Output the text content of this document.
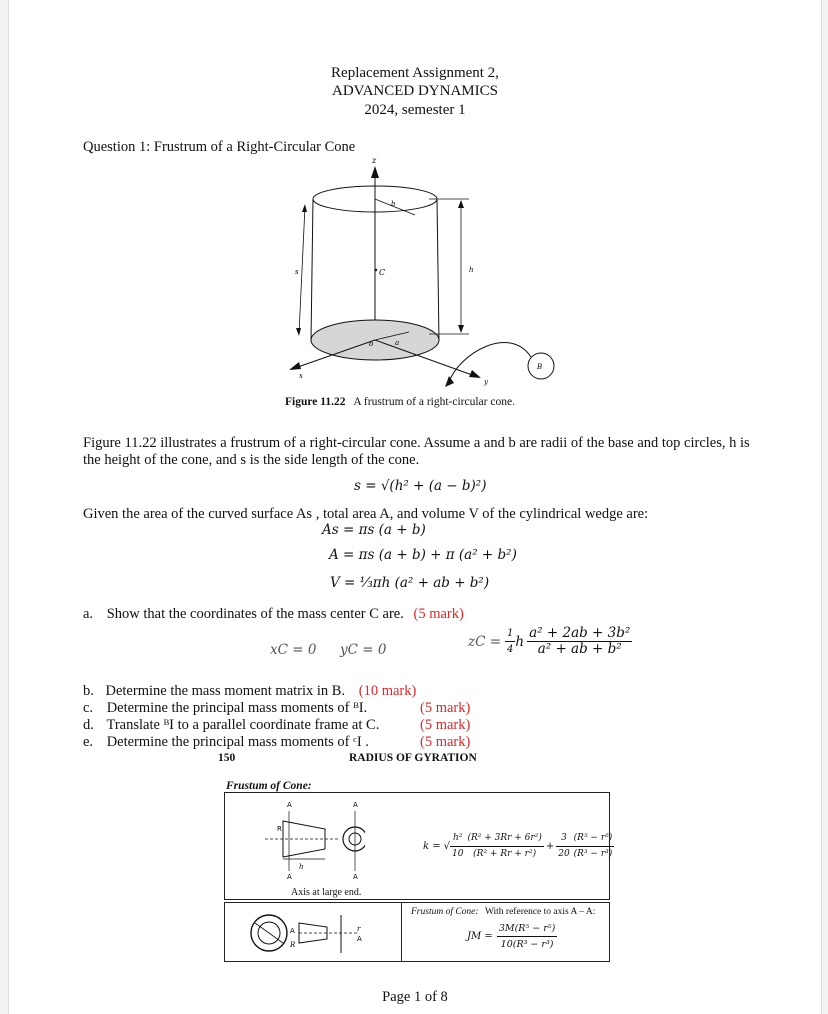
Replacement Assignment 2,
ADVANCED DYNAMICS
2024, semester 1
Question 1: Frustrum of a Right-Circular Cone
z
b
C
s	h
o	a
x
y
B
Figure 11.22 A frustrum of a right-circular cone.
Figure 11.22 illustrates a frustrum of a right-circular cone. Assume a and b are radii of the base and top circles, h is the height of the cone, and s is the side length of the cone.
s = √(h² + (a − b)²)
Given the area of the curved surface As , total area A, and volume V of the cylindrical wedge are:
As = πs (a + b)
A = πs (a + b) + π (a² + b²)
V = ⅓πh (a² + ab + b²)
a. Show that the coordinates of the mass center C are. (5 mark)
xC = 0 yC = 0
zC = $\frac{1}{4}$ h $\frac{\text{a² + 2ab + 3b²}}{\text{a² + ab + b²}}$
b. Determine the mass moment matrix in B. (10 mark)
c. Determine the principal mass moments of ᴮI.	(5 mark)
d. Translate ᴮI to a parallel coordinate frame at C.	(5 mark)
e. Determine the principal mass moments of ᶜI .	(5 mark)
150	RADIUS OF GYRATION
Frustum of Cone:
A	A
R
h
A	A
Axis at large end.
k = √ $\frac{\text{h²}}{10} \frac{\text{(R² + 3Rr + 6r²)}}{\text{(R² + Rr + r²)}} + \frac{3}{20} \frac{\text{(R⁵ − r⁵)}}{\text{(R³ − r³)}}$
A
R
r
A
Frustum of Cone: With reference to axis A – A:
JM = $\frac{\text{3M(R⁵ − r⁵)}}{\text{10(R³ − r³)}}$
Page 1 of 8
